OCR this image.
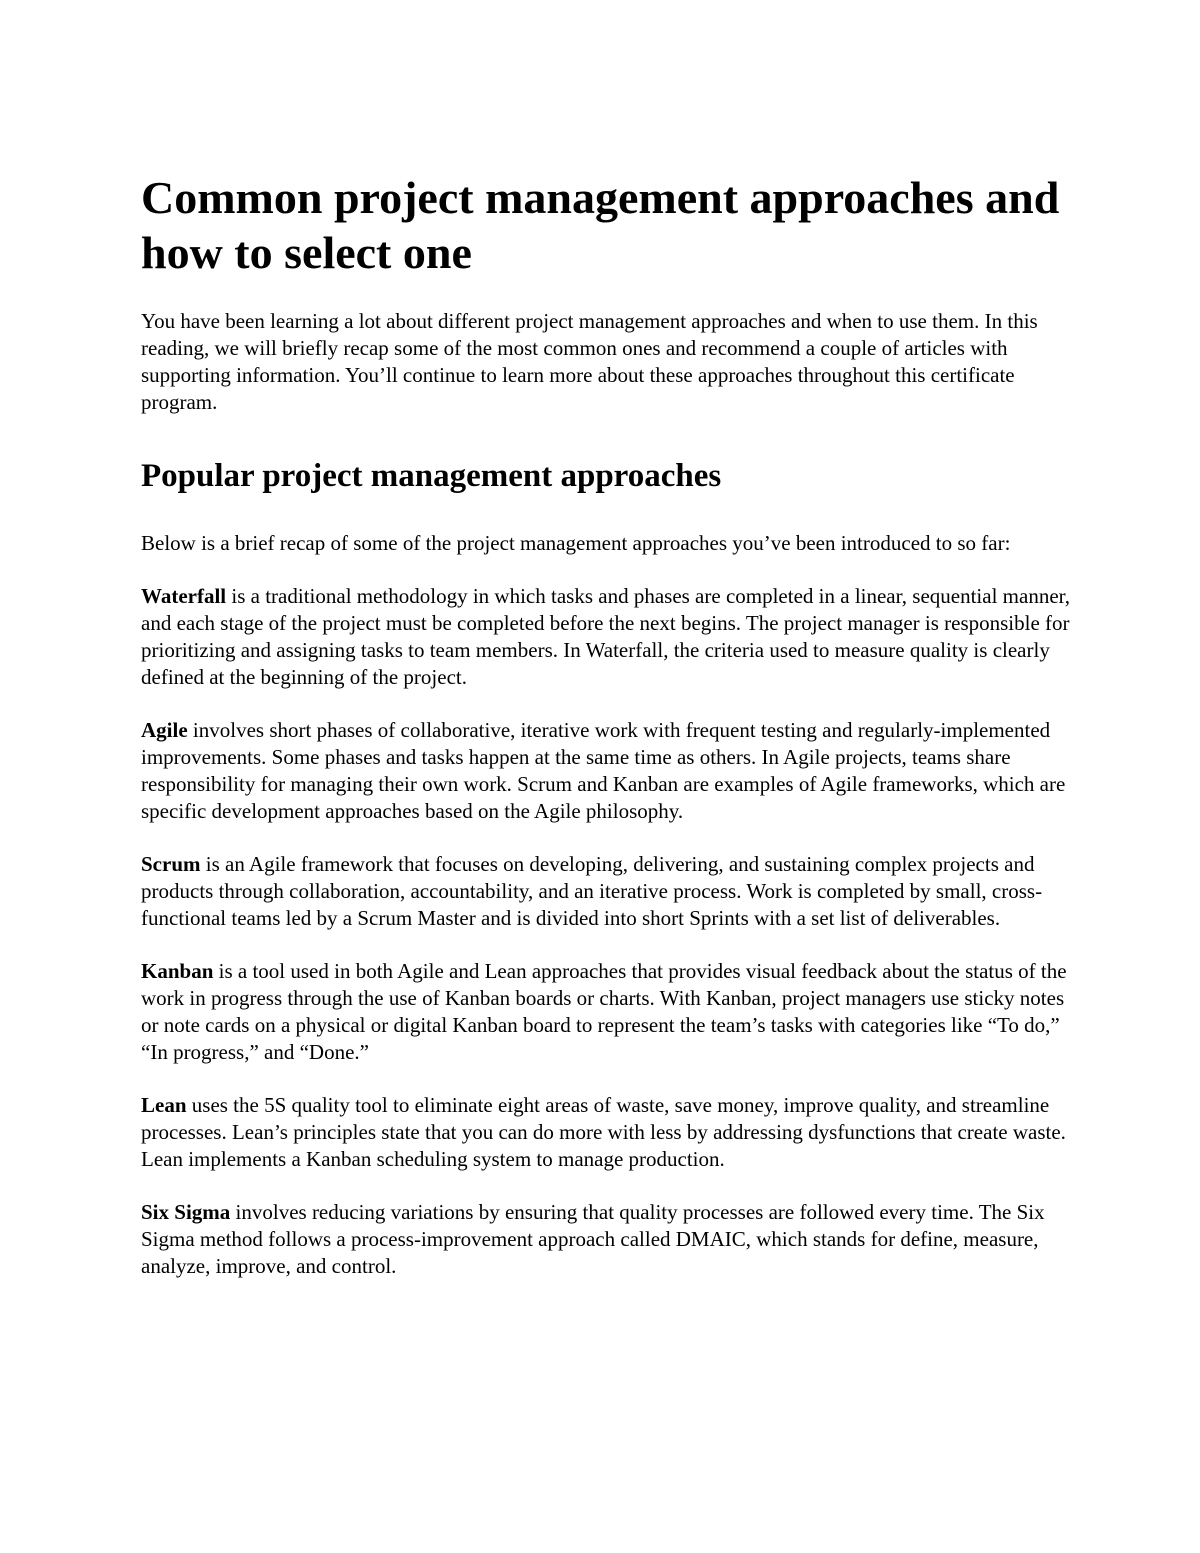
Common project management approaches and how to select one

You have been learning a lot about different project management approaches and when to use them. In this reading, we will briefly recap some of the most common ones and recommend a couple of articles with supporting information. You’ll continue to learn more about these approaches throughout this certificate program.

Popular project management approaches

Below is a brief recap of some of the project management approaches you’ve been introduced to so far:

Waterfall is a traditional methodology in which tasks and phases are completed in a linear, sequential manner, and each stage of the project must be completed before the next begins. The project manager is responsible for prioritizing and assigning tasks to team members. In Waterfall, the criteria used to measure quality is clearly defined at the beginning of the project.

Agile involves short phases of collaborative, iterative work with frequent testing and regularly-implemented improvements. Some phases and tasks happen at the same time as others. In Agile projects, teams share responsibility for managing their own work. Scrum and Kanban are examples of Agile frameworks, which are specific development approaches based on the Agile philosophy.

Scrum is an Agile framework that focuses on developing, delivering, and sustaining complex projects and products through collaboration, accountability, and an iterative process. Work is completed by small, cross-functional teams led by a Scrum Master and is divided into short Sprints with a set list of deliverables.

Kanban is a tool used in both Agile and Lean approaches that provides visual feedback about the status of the work in progress through the use of Kanban boards or charts. With Kanban, project managers use sticky notes or note cards on a physical or digital Kanban board to represent the team’s tasks with categories like “To do,” “In progress,” and “Done.”

Lean uses the 5S quality tool to eliminate eight areas of waste, save money, improve quality, and streamline processes. Lean’s principles state that you can do more with less by addressing dysfunctions that create waste. Lean implements a Kanban scheduling system to manage production.

Six Sigma involves reducing variations by ensuring that quality processes are followed every time. The Six Sigma method follows a process-improvement approach called DMAIC, which stands for define, measure, analyze, improve, and control.
